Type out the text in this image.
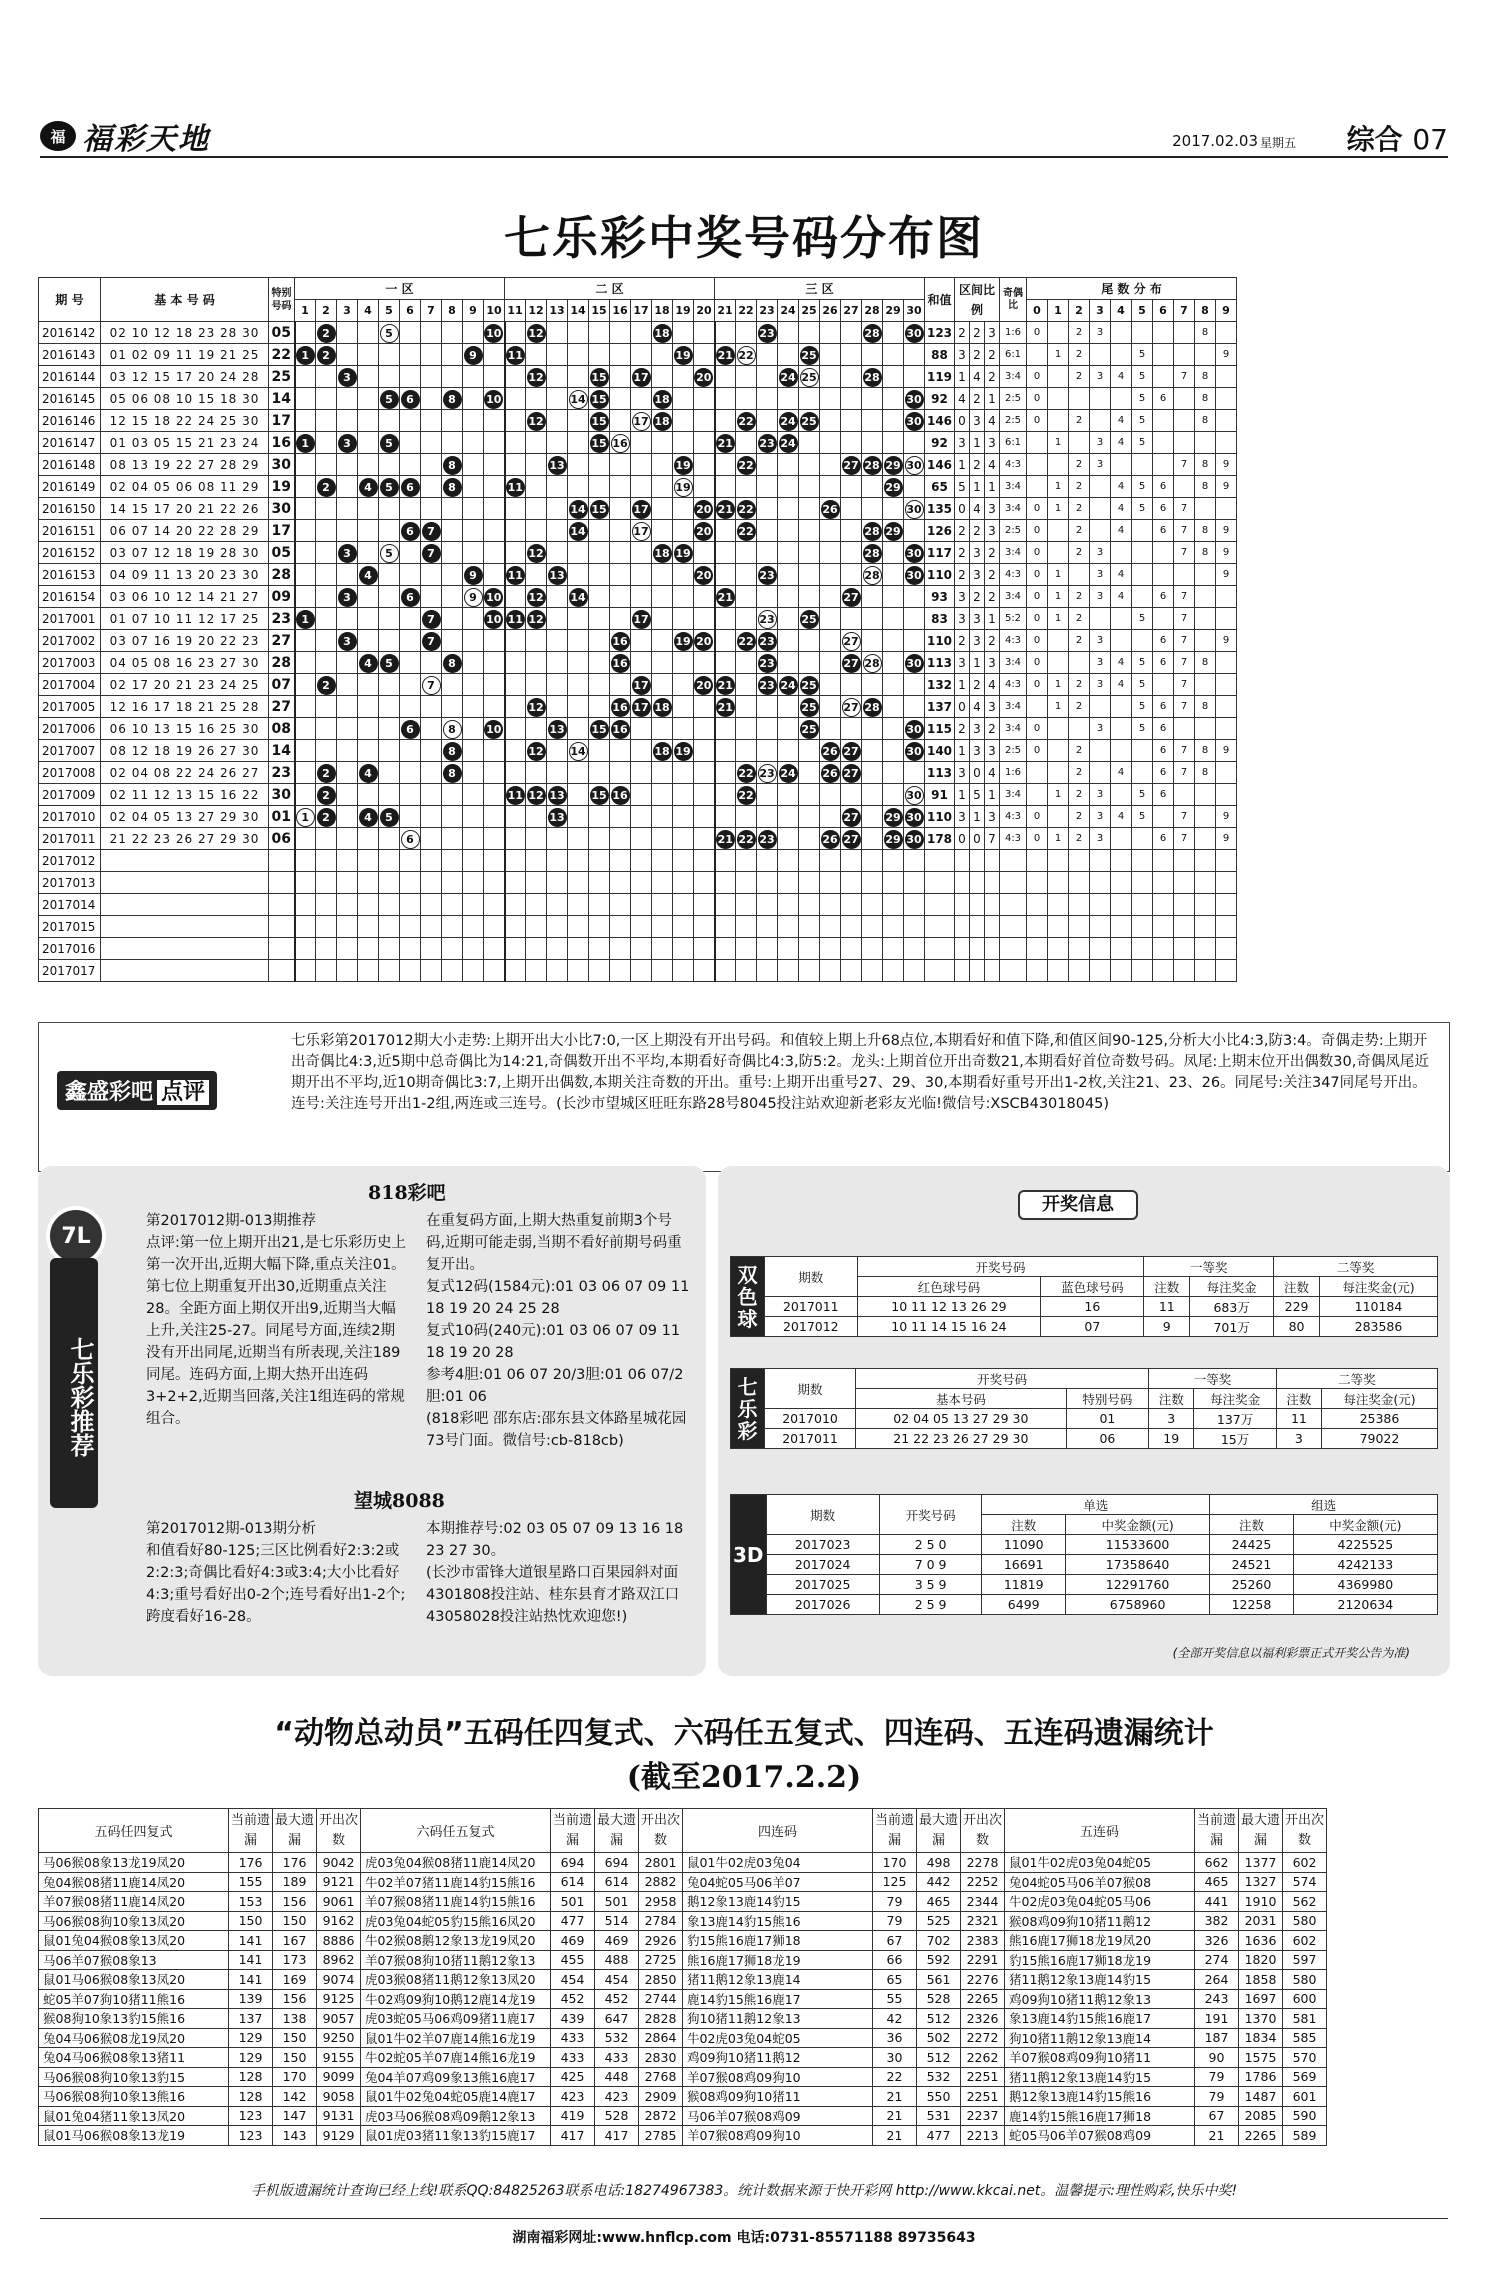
福 福彩天地	2017.02.03 星期五 综合 07
七乐彩中奖号码分布图
期 号	基 本 号 码	特别号码	一 区										二 区										三 区										和值	区间比例			奇偶比	尾 数 分 布									
			1	2	3	4	5	6	7	8	9	10	11	12	13	14	15	16	17	18	19	20	21	22	23	24	25	26	27	28	29	30						0	1	2	3	4	5	6	7	8	9
2016142	02 10 12 18 23 28 30	05		2			5					10		12						18					23					28		30	123	2	2	3	1:6	0		2	3					8	
2016143	01 02 09 11 19 21 25	22	1	2							9		11								19		21	22			25						88	3	2	2	6:1		1	2			5				9
2016144	03 12 15 17 20 24 28	25			3									12			15		17			20				24	25			28			119	1	4	2	3:4	0		2	3	4	5		7	8	
2016145	05 06 08 10 15 18 30	14					5	6		8		10				14	15			18												30	92	4	2	1	2:5	0					5	6		8	
2016146	12 15 18 22 24 25 30	17												12			15		17	18				22		24	25					30	146	0	3	4	2:5	0		2		4	5			8	
2016147	01 03 05 15 21 23 24	16	1		3		5										15	16					21		23	24							92	3	1	3	6:1		1		3	4	5				
2016148	08 13 19 22 27 28 29	30								8					13						19			22					27	28	29	30	146	1	2	4	4:3			2	3				7	8	9
2016149	02 04 05 06 08 11 29	19		2		4	5	6		8			11								19										29		65	5	1	1	3:4		1	2		4	5	6		8	9
2016150	14 15 17 20 21 22 26	30														14	15		17			20	21	22				26				30	135	0	4	3	3:4	0	1	2		4	5	6	7		
2016151	06 07 14 20 22 28 29	17						6	7							14			17			20		22						28	29		126	2	2	3	2:5	0		2		4		6	7	8	9
2016152	03 07 12 18 19 28 30	05			3		5		7					12						18	19									28		30	117	2	3	2	3:4	0		2	3				7	8	9
2016153	04 09 11 13 20 23 30	28				4					9		11		13							20			23					28		30	110	2	3	2	4:3	0	1		3	4					9
2016154	03 06 10 12 14 21 27	09			3			6			9	10		12		14							21						27				93	3	2	2	3:4	0	1	2	3	4		6	7		
2017001	01 07 10 11 12 17 25	23	1						7			10	11	12					17						23		25						83	3	3	1	5:2	0	1	2			5		7		
2017002	03 07 16 19 20 22 23	27			3				7									16			19	20		22	23				27				110	2	3	2	4:3	0		2	3			6	7		9
2017003	04 05 08 16 23 27 30	28				4	5			8								16							23				27	28		30	113	3	1	3	3:4	0			3	4	5	6	7	8	
2017004	02 17 20 21 23 24 25	07		2					7										17			20	21		23	24	25						132	1	2	4	4:3	0	1	2	3	4	5		7		
2017005	12 16 17 18 21 25 28	27												12				16	17	18			21				25		27	28			137	0	4	3	3:4		1	2			5	6	7	8	
2017006	06 10 13 15 16 25 30	08						6		8		10			13		15	16									25					30	115	2	3	2	3:4	0			3		5	6			
2017007	08 12 18 19 26 27 30	14								8				12		14				18	19							26	27			30	140	1	3	3	2:5	0		2				6	7	8	9
2017008	02 04 08 22 24 26 27	23		2		4				8														22	23	24		26	27				113	3	0	4	1:6			2		4		6	7	8	
2017009	02 11 12 13 15 16 22	30		2									11	12	13		15	16						22								30	91	1	5	1	3:4		1	2	3		5	6			
2017010	02 04 05 13 27 29 30	01	1	2		4	5								13														27		29	30	110	3	1	3	4:3	0		2	3	4	5		7		9
2017011	21 22 23 26 27 29 30	06						6															21	22	23			26	27		29	30	178	0	0	7	4:3	0	1	2	3			6	7		9
2017012																																															
2017013																																															
2017014																																															
2017015																																															
2017016																																															
2017017																																															
鑫盛彩吧 点评
七乐彩第2017012期大小走势:上期开出大小比7:0,一区上期没有开出号码。和值较上期上升68点位,本期看好和值下降,和值区间90-125,分析大小比4:3,防3:4。奇偶走势:上期开出奇偶比4:3,近5期中总奇偶比为14:21,奇偶数开出不平均,本期看好奇偶比4:3,防5:2。龙头:上期首位开出奇数21,本期看好首位奇数号码。凤尾:上期末位开出偶数30,奇偶凤尾近期开出不平均,近10期奇偶比3:7,上期开出偶数,本期关注奇数的开出。重号:上期开出重号27、29、30,本期看好重号开出1-2枚,关注21、23、26。同尾号:关注347同尾号开出。连号:关注连号开出1-2组,两连或三连号。(长沙市望城区旺旺东路28号8045投注站欢迎新老彩友光临!微信号:XSCB43018045)
7L
七乐彩推荐
818彩吧
第2017012期-013期推荐
点评:第一位上期开出21,是七乐彩历史上第一次开出,近期大幅下降,重点关注01。第七位上期重复开出30,近期重点关注28。全距方面上期仅开出9,近期当大幅上升,关注25-27。同尾号方面,连续2期没有开出同尾,近期当有所表现,关注189同尾。连码方面,上期大热开出连码3+2+2,近期当回落,关注1组连码的常规组合。
在重复码方面,上期大热重复前期3个号码,近期可能走弱,当期不看好前期号码重复开出。
复式12码(1584元):01 03 06 07 09 11 18 19 20 24 25 28
复式10码(240元):01 03 06 07 09 11 18 19 20 28
参考4胆:01 06 07 20/3胆:01 06 07/2胆:01 06
(818彩吧 邵东店:邵东县文体路星城花园73号门面。微信号:cb-818cb)
望城8088
第2017012期-013期分析
和值看好80-125;三区比例看好2:3:2或2:2:3;奇偶比看好4:3或3:4;大小比看好4:3;重号看好出0-2个;连号看好出1-2个;跨度看好16-28。
本期推荐号:02 03 05 07 09 13 16 18 23 27 30。
(长沙市雷锋大道银星路口百果园斜对面4301808投注站、桂东县育才路双江口43058028投注站热忱欢迎您!)
开奖信息
双色球	期数	开奖号码		一等奖		二等奖	
		红色球号码	蓝色球号码	注数	每注奖金	注数	每注奖金(元)
	2017011	10 11 12 13 26 29	16	11	683万	229	110184
	2017012	10 11 14 15 16 24	07	9	701万	80	283586
七乐彩	期数	开奖号码		一等奖		二等奖	
		基本号码	特别号码	注数	每注奖金	注数	每注奖金(元)
	2017010	02 04 05 13 27 29 30	01	3	137万	11	25386
	2017011	21 22 23 26 27 29 30	06	19	15万	3	79022
3D	期数	开奖号码	单选		组选	
			注数	中奖金额(元)	注数	中奖金额(元)
	2017023	2 5 0	11090	11533600	24425	4225525
	2017024	7 0 9	16691	17358640	24521	4242133
	2017025	3 5 9	11819	12291760	25260	4369980
	2017026	2 5 9	6499	6758960	12258	2120634
(全部开奖信息以福利彩票正式开奖公告为准)
“动物总动员”五码任四复式、六码任五复式、四连码、五连码遗漏统计
(截至2017.2.2)
五码任四复式	当前遗漏	最大遗漏	开出次数	六码任五复式	当前遗漏	最大遗漏	开出次数	四连码	当前遗漏	最大遗漏	开出次数	五连码	当前遗漏	最大遗漏	开出次数
马06猴08象13龙19凤20	176	176	9042	虎03兔04猴08猪11鹿14凤20	694	694	2801	鼠01牛02虎03兔04	170	498	2278	鼠01牛02虎03兔04蛇05	662	1377	602
兔04猴08猪11鹿14凤20	155	189	9121	牛02羊07猪11鹿14豹15熊16	614	614	2882	兔04蛇05马06羊07	125	442	2252	兔04蛇05马06羊07猴08	465	1327	574
羊07猴08猪11鹿14凤20	153	156	9061	羊07猴08猪11鹿14豹15熊16	501	501	2958	鹅12象13鹿14豹15	79	465	2344	牛02虎03兔04蛇05马06	441	1910	562
马06猴08狗10象13凤20	150	150	9162	虎03兔04蛇05豹15熊16凤20	477	514	2784	象13鹿14豹15熊16	79	525	2321	猴08鸡09狗10猪11鹅12	382	2031	580
鼠01兔04猴08象13凤20	141	167	8886	牛02猴08鹅12象13龙19凤20	469	469	2926	豹15熊16鹿17狮18	67	702	2383	熊16鹿17狮18龙19凤20	326	1636	602
马06羊07猴08象13	141	173	8962	羊07猴08狗10猪11鹅12象13	455	488	2725	熊16鹿17狮18龙19	66	592	2291	豹15熊16鹿17狮18龙19	274	1820	597
鼠01马06猴08象13凤20	141	169	9074	虎03猴08猪11鹅12象13凤20	454	454	2850	猪11鹅12象13鹿14	65	561	2276	猪11鹅12象13鹿14豹15	264	1858	580
蛇05羊07狗10猪11熊16	139	156	9125	牛02鸡09狗10鹅12鹿14龙19	452	452	2744	鹿14豹15熊16鹿17	55	528	2265	鸡09狗10猪11鹅12象13	243	1697	600
猴08狗10象13豹15熊16	137	138	9057	虎03蛇05马06鸡09猪11鹿17	439	647	2828	狗10猪11鹅12象13	42	512	2326	象13鹿14豹15熊16鹿17	191	1370	581
兔04马06猴08龙19凤20	129	150	9250	鼠01牛02羊07鹿14熊16龙19	433	532	2864	牛02虎03兔04蛇05	36	502	2272	狗10猪11鹅12象13鹿14	187	1834	585
兔04马06猴08象13猪11	129	150	9155	牛02蛇05羊07鹿14熊16龙19	433	433	2830	鸡09狗10猪11鹅12	30	512	2262	羊07猴08鸡09狗10猪11	90	1575	570
马06猴08狗10象13豹15	128	170	9099	兔04羊07鸡09象13熊16鹿17	425	448	2768	羊07猴08鸡09狗10	22	532	2251	猪11鹅12象13鹿14豹15	79	1786	569
马06猴08狗10象13熊16	128	142	9058	鼠01牛02兔04蛇05鹿14鹿17	423	423	2909	猴08鸡09狗10猪11	21	550	2251	鹅12象13鹿14豹15熊16	79	1487	601
鼠01兔04猪11象13凤20	123	147	9131	虎03马06猴08鸡09鹅12象13	419	528	2872	马06羊07猴08鸡09	21	531	2237	鹿14豹15熊16鹿17狮18	67	2085	590
鼠01马06猴08象13龙19	123	143	9129	鼠01虎03猪11象13豹15鹿17	417	417	2785	羊07猴08鸡09狗10	21	477	2213	蛇05马06羊07猴08鸡09	21	2265	589
手机版遗漏统计查询已经上线!联系QQ:84825263联系电话:18274967383。统计数据来源于快开彩网 http://www.kkcai.net。温馨提示:理性购彩,快乐中奖!
湖南福彩网址:www.hnflcp.com 电话:0731-85571188 89735643
